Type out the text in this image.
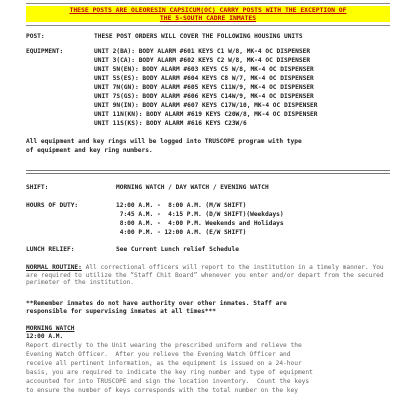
THESE POSTS ARE OLEORESIN CAPSICUM(OC) CARRY POSTS WITH THE EXCEPTION OF
THE 5-SOUTH CADRE INMATES
POST:	THESE POST ORDERS WILL COVER THE FOLLOWING HOUSING UNITS
EQUIPMENT:	UNIT 2(BA): BODY ALARM #601 KEYS C1 W/8, MK-4 OC DISPENSER
UNIT 3(CA): BODY ALARM #602 KEYS C2 W/8, MK-4 OC DISPENSER
UNIT 5N(EN): BODY ALARM #603 KEYS C5 W/8, MK-4 OC DISPENSER
UNIT 5S(ES): BODY ALARM #604 KEYS C8 W/7, MK-4 OC DISPENSER
UNIT 7N(GN): BODY ALARM #605 KEYS C11W/9, MK-4 OC DISPENSER
UNIT 7S(GS): BODY ALARM #606 KEYS C14W/9, MK-4 OC DISPENSER
UNIT 9N(IN): BODY ALARM #607 KEYS C17W/10, MK-4 OC DISPENSER
UNIT 11N(KN): BODY ALARM #619 KEYS C20W/8, MK-4 OC DISPENSER
UNIT 11S(KS): BODY ALARM #616 KEYS C23W/6
All equipment and key rings will be logged into TRUSCOPE program with type
of equipment and key ring numbers.
SHIFT:	MORNING WATCH / DAY WATCH / EVENING WATCH
HOURS OF DUTY:	12:00 A.M. -  8:00 A.M. (M/W SHIFT)
7:45 A.M. -  4:15 P.M. (D/W SHIFT)(Weekdays)
8:00 A.M. -  4:00 P.M. Weekends and Holidays
4:00 P.M. - 12:00 A.M. (E/W SHIFT)
LUNCH RELIEF:	See Current Lunch relief Schedule
NORMAL ROUTINE: All correctional officers will report to the institution in a timely manner. You are required to utilize the “Staff Chit Board” whenever you enter and/or depart from the secured perimeter of the institution.
**Remember inmates do not have authority over other inmates. Staff are
responsible for supervising inmates at all times***
MORNING WATCH
12:00 A.M.
Report directly to the Unit wearing the prescribed uniform and relieve the
Evening Watch Officer.  After you relieve the Evening Watch Officer and
receive all pertinent information, as the equipment is issued on a 24-hour
basis, you are required to indicate the key ring number and type of equipment
accounted for into TRUSCOPE and sign the location inventory.  Count the keys
to ensure the number of keys corresponds with the total number on the key
